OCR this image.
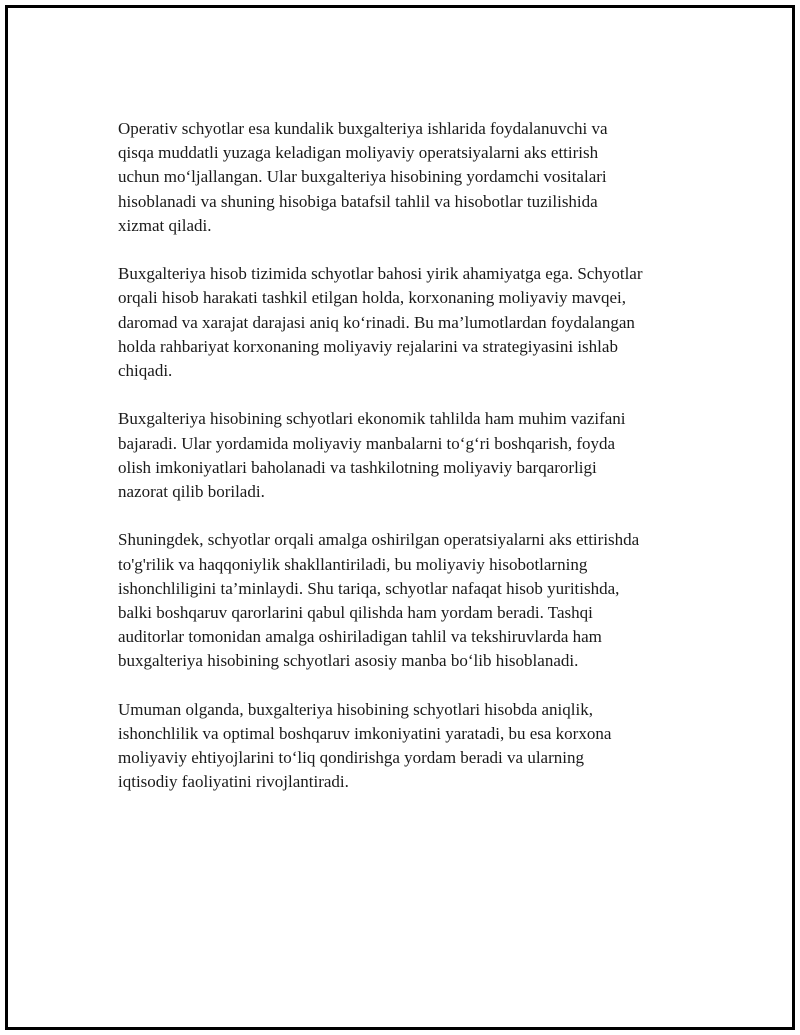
Operativ schyotlar esa kundalik buxgalteriya ishlarida foydalanuvchi va
qisqa muddatli yuzaga keladigan moliyaviy operatsiyalarni aks ettirish
uchun mo‘ljallangan. Ular buxgalteriya hisobining yordamchi vositalari
hisoblanadi va shuning hisobiga batafsil tahlil va hisobotlar tuzilishida
xizmat qiladi.

Buxgalteriya hisob tizimida schyotlar bahosi yirik ahamiyatga ega. Schyotlar
orqali hisob harakati tashkil etilgan holda, korxonaning moliyaviy mavqei,
daromad va xarajat darajasi aniq ko‘rinadi. Bu ma’lumotlardan foydalangan
holda rahbariyat korxonaning moliyaviy rejalarini va strategiyasini ishlab
chiqadi.

Buxgalteriya hisobining schyotlari ekonomik tahlilda ham muhim vazifani
bajaradi. Ular yordamida moliyaviy manbalarni to‘g‘ri boshqarish, foyda
olish imkoniyatlari baholanadi va tashkilotning moliyaviy barqarorligi
nazorat qilib boriladi.

Shuningdek, schyotlar orqali amalga oshirilgan operatsiyalarni aks ettirishda
to'g'rilik va haqqoniylik shakllantiriladi, bu moliyaviy hisobotlarning
ishonchliligini ta’minlaydi. Shu tariqa, schyotlar nafaqat hisob yuritishda,
balki boshqaruv qarorlarini qabul qilishda ham yordam beradi. Tashqi
auditorlar tomonidan amalga oshiriladigan tahlil va tekshiruvlarda ham
buxgalteriya hisobining schyotlari asosiy manba bo‘lib hisoblanadi.

Umuman olganda, buxgalteriya hisobining schyotlari hisobda aniqlik,
ishonchlilik va optimal boshqaruv imkoniyatini yaratadi, bu esa korxona
moliyaviy ehtiyojlarini to‘liq qondirishga yordam beradi va ularning
iqtisodiy faoliyatini rivojlantiradi.
